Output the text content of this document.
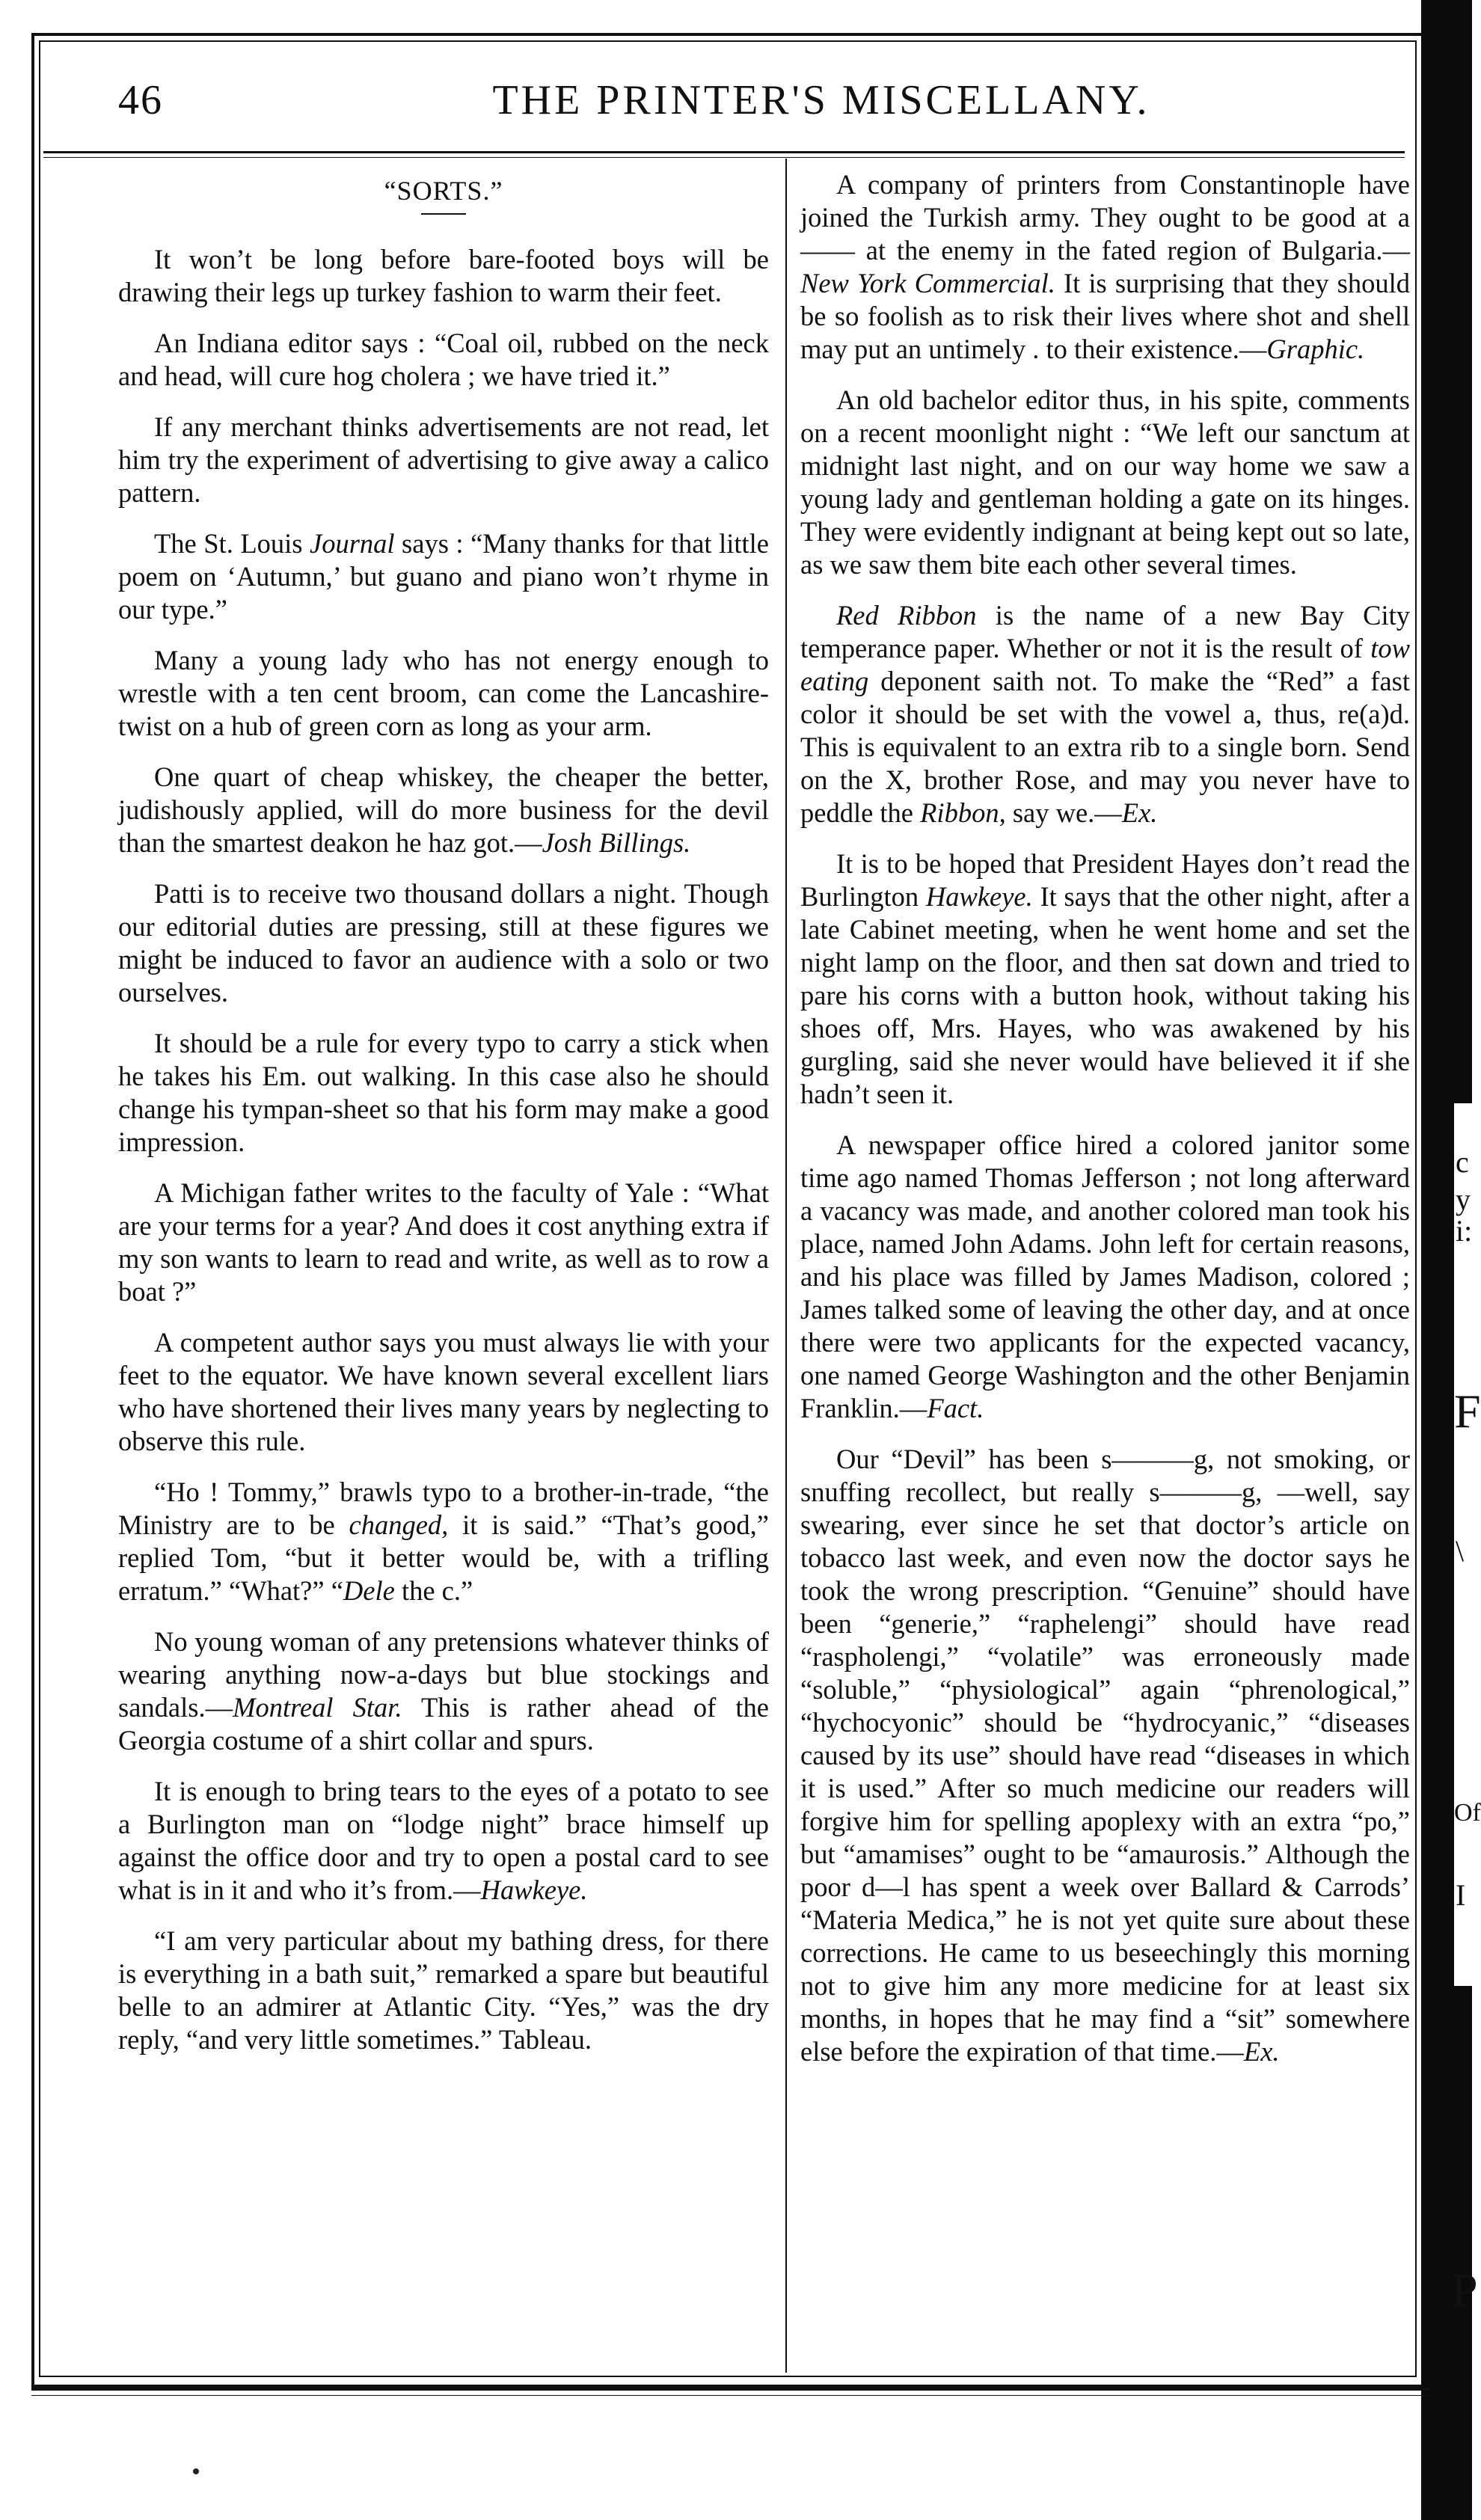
46	THE PRINTER'S MISCELLANY.
“SORTS.”

It won’t be long before bare-footed boys will be drawing their legs up turkey fashion to warm their feet.

An Indiana editor says : “Coal oil, rubbed on the neck and head, will cure hog cholera ; we have tried it.”

If any merchant thinks advertisements are not read, let him try the experiment of advertising to give away a calico pattern.

The St. Louis Journal says : “Many thanks for that little poem on ‘Autumn,’ but guano and piano won’t rhyme in our type.”

Many a young lady who has not energy enough to wrestle with a ten cent broom, can come the Lancashire-twist on a hub of green corn as long as your arm.

One quart of cheap whiskey, the cheaper the better, judishously applied, will do more business for the devil than the smartest deakon he haz got.—Josh Billings.

Patti is to receive two thousand dollars a night. Though our editorial duties are pressing, still at these figures we might be induced to favor an audience with a solo or two ourselves.

It should be a rule for every typo to carry a stick when he takes his Em. out walking. In this case also he should change his tympan-sheet so that his form may make a good impression.

A Michigan father writes to the faculty of Yale : “What are your terms for a year? And does it cost anything extra if my son wants to learn to read and write, as well as to row a boat ?”

A competent author says you must always lie with your feet to the equator. We have known several excellent liars who have shortened their lives many years by neglecting to observe this rule.

“Ho ! Tommy,” brawls typo to a brother-in-trade, “the Ministry are to be changed, it is said.” “That’s good,” replied Tom, “but it better would be, with a trifling erratum.” “What?” “Dele the c.”

No young woman of any pretensions whatever thinks of wearing anything now-a-days but blue stockings and sandals.—Montreal Star. This is rather ahead of the Georgia costume of a shirt collar and spurs.

It is enough to bring tears to the eyes of a potato to see a Burlington man on “lodge night” brace himself up against the office door and try to open a postal card to see what is in it and who it’s from.—Hawkeye.

“I am very particular about my bathing dress, for there is everything in a bath suit,” remarked a spare but beautiful belle to an admirer at Atlantic City. “Yes,” was the dry reply, “and very little sometimes.” Tableau.

A company of printers from Constantinople have joined the Turkish army. They ought to be good at a —— at the enemy in the fated region of Bulgaria.—New York Commercial. It is surprising that they should be so foolish as to risk their lives where shot and shell may put an untimely . to their existence.—Graphic.

An old bachelor editor thus, in his spite, comments on a recent moonlight night : “We left our sanctum at midnight last night, and on our way home we saw a young lady and gentleman holding a gate on its hinges. They were evidently indignant at being kept out so late, as we saw them bite each other several times.

Red Ribbon is the name of a new Bay City temperance paper. Whether or not it is the result of tow eating deponent saith not. To make the “Red” a fast color it should be set with the vowel a, thus, re(a)d. This is equivalent to an extra rib to a single born. Send on the X, brother Rose, and may you never have to peddle the Ribbon, say we.—Ex.

It is to be hoped that President Hayes don’t read the Burlington Hawkeye. It says that the other night, after a late Cabinet meeting, when he went home and set the night lamp on the floor, and then sat down and tried to pare his corns with a button hook, without taking his shoes off, Mrs. Hayes, who was awakened by his gurgling, said she never would have believed it if she hadn’t seen it.

A newspaper office hired a colored janitor some time ago named Thomas Jefferson ; not long afterward a vacancy was made, and another colored man took his place, named John Adams. John left for certain reasons, and his place was filled by James Madison, colored ; James talked some of leaving the other day, and at once there were two applicants for the expected vacancy, one named George Washington and the other Benjamin Franklin.—Fact.

Our “Devil” has been s———g, not smoking, or snuffing recollect, but really s———g, —well, say swearing, ever since he set that doctor’s article on tobacco last week, and even now the doctor says he took the wrong prescription. “Genuine” should have been “generie,” “raphelengi” should have read “raspholengi,” “volatile” was erroneously made “soluble,” “physiological” again “phrenological,” “hychocyonic” should be “hydrocyanic,” “diseases caused by its use” should have read “diseases in which it is used.” After so much medicine our readers will forgive him for spelling apoplexy with an extra “po,” but “amamises” ought to be “amaurosis.” Although the poor d—l has spent a week over Ballard & Carrods’ “Materia Medica,” he is not yet quite sure about these corrections. He came to us beseechingly this morning not to give him any more medicine for at least six months, in hopes that he may find a “sit” somewhere else before the expiration of that time.—Ex.

c
y
i:
F
\
Of
I
P
